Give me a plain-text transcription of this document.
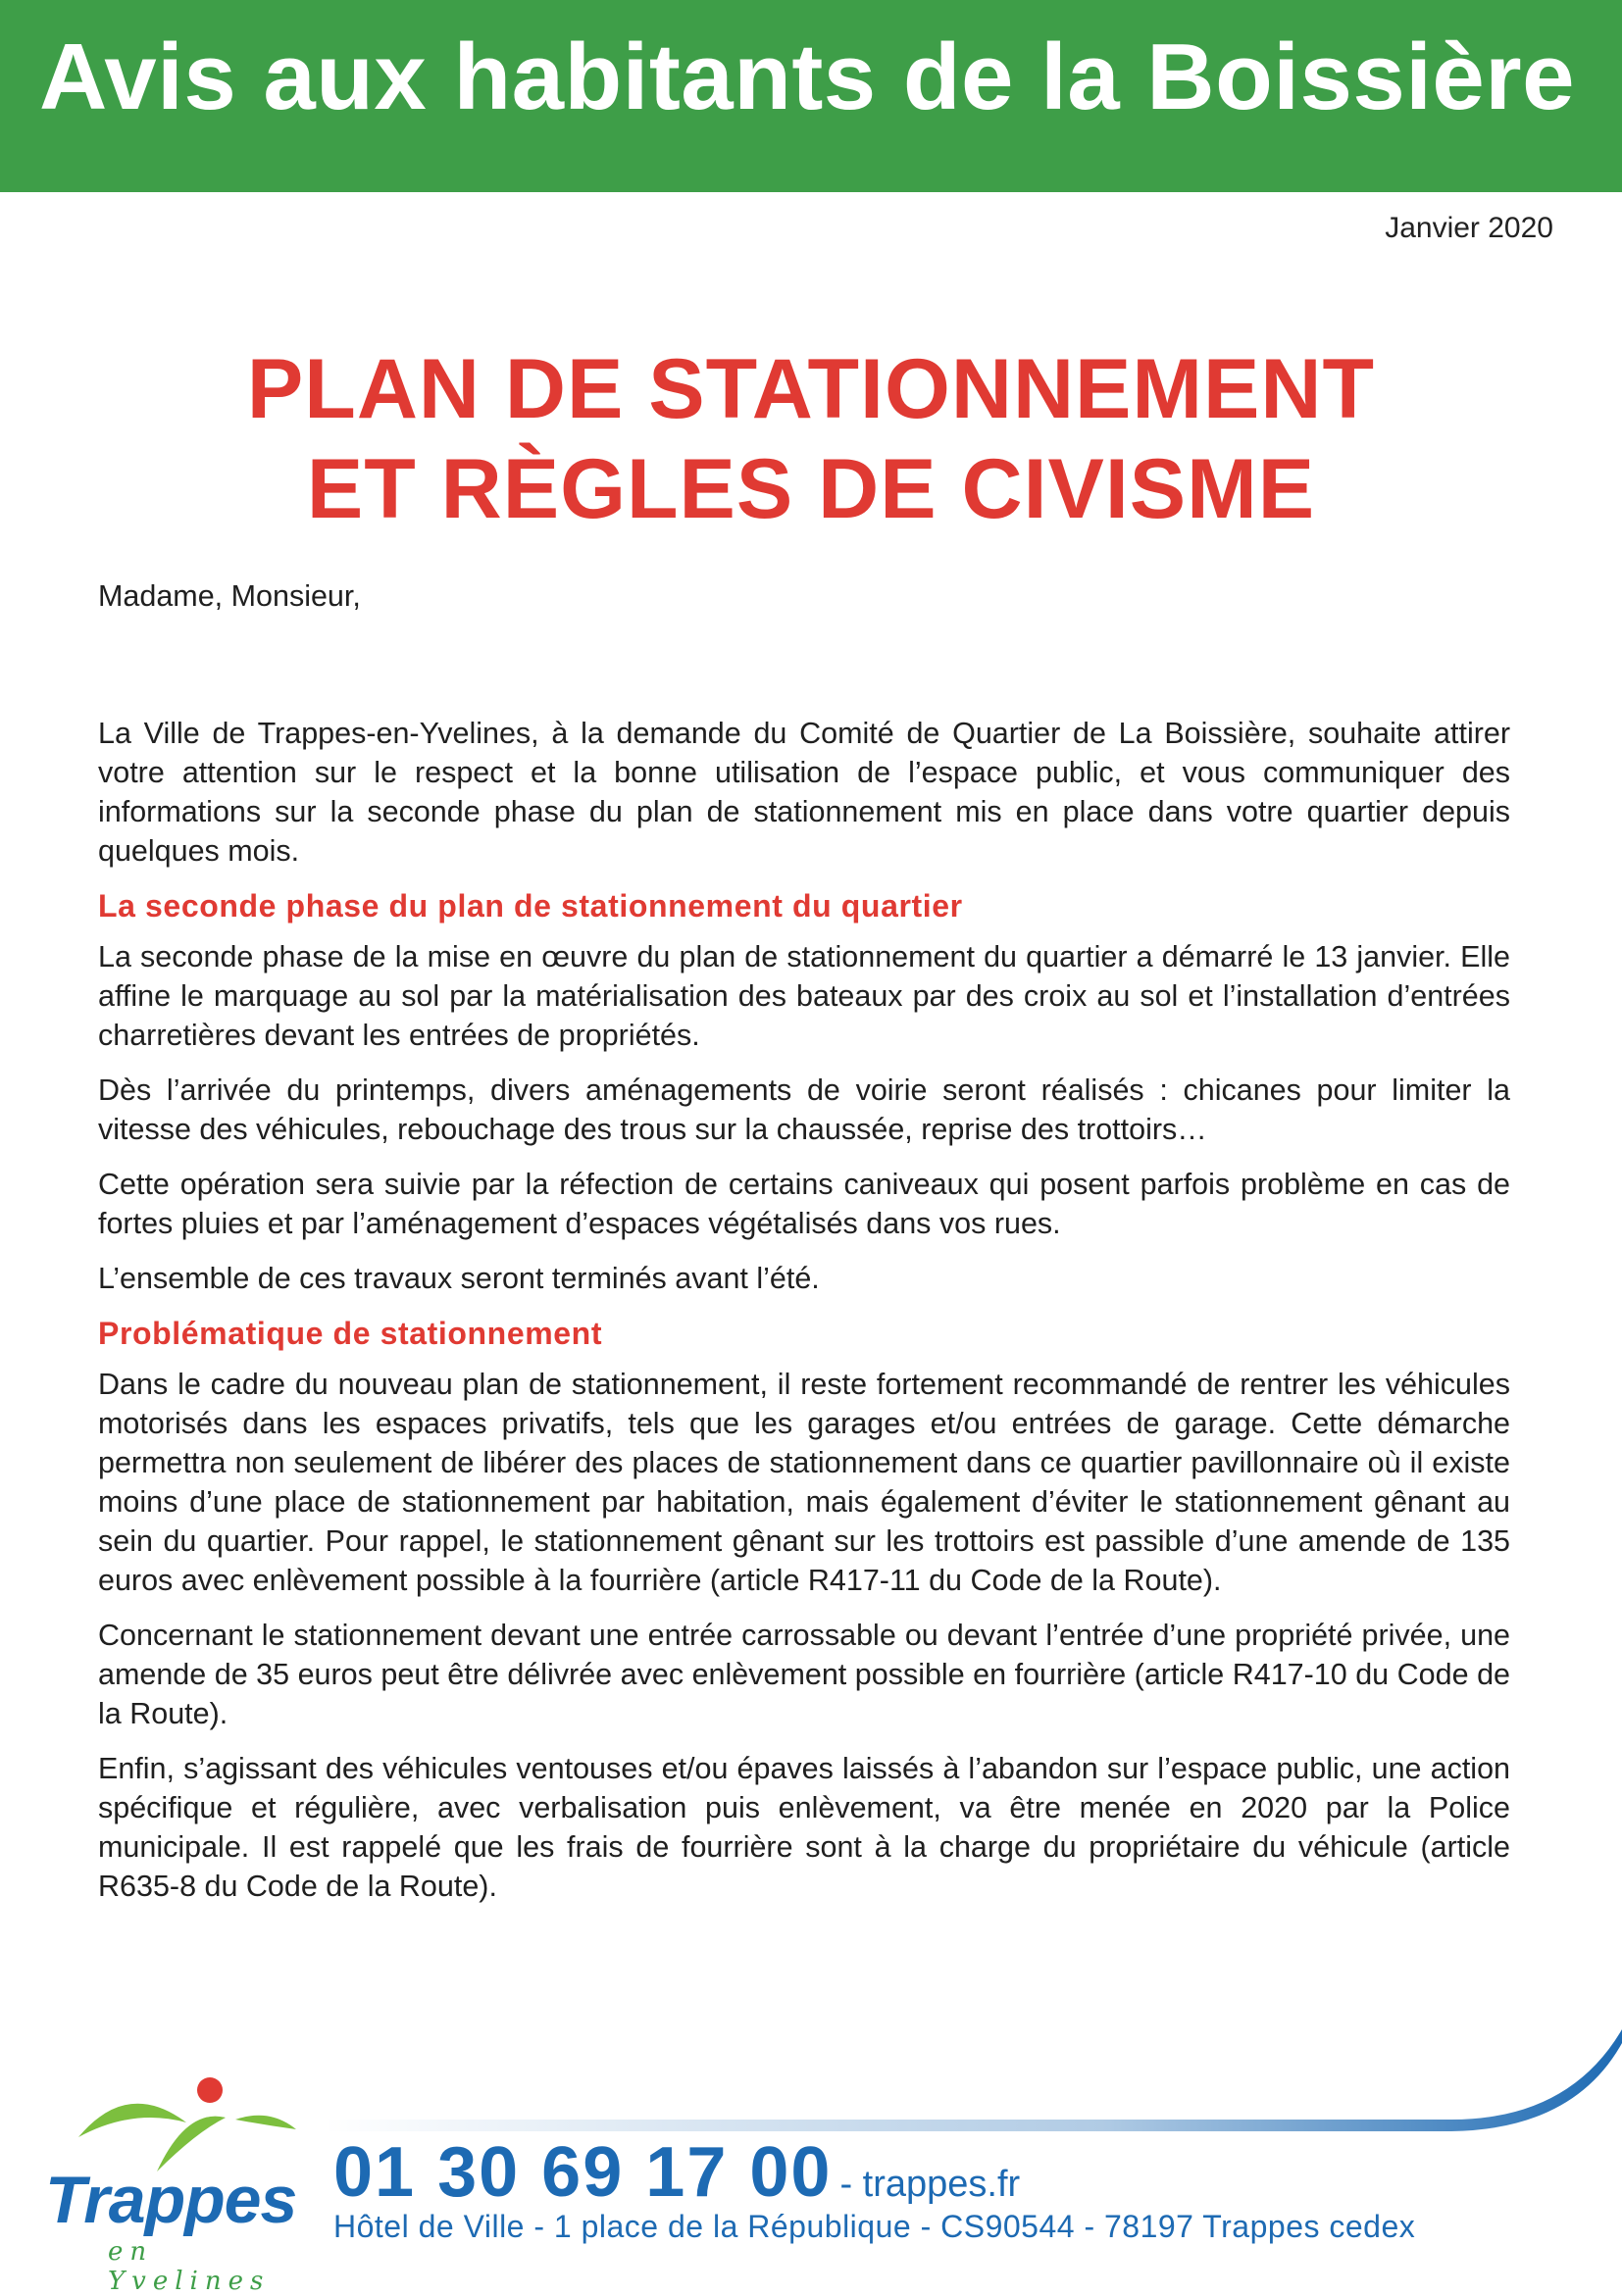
Avis aux habitants de la Boissière
Janvier 2020
PLAN DE STATIONNEMENT
ET RÈGLES DE CIVISME

Madame, Monsieur,

La Ville de Trappes-en-Yvelines, à la demande du Comité de Quartier de La Boissière, souhaite attirer votre attention sur le respect et la bonne utilisation de l’espace public, et vous communiquer des informations sur la seconde phase du plan de stationnement mis en place dans votre quartier depuis quelques mois.

La seconde phase du plan de stationnement du quartier

La seconde phase de la mise en œuvre du plan de stationnement du quartier a démarré le 13 janvier. Elle affine le marquage au sol par la matérialisation des bateaux par des croix au sol et l’installation d’entrées charretières devant les entrées de propriétés.

Dès l’arrivée du printemps, divers aménagements de voirie seront réalisés : chicanes pour limiter la vitesse des véhicules, rebouchage des trous sur la chaussée, reprise des trottoirs…

Cette opération sera suivie par la réfection de certains caniveaux qui posent parfois problème en cas de fortes pluies et par l’aménagement d’espaces végétalisés dans vos rues.

L’ensemble de ces travaux seront terminés avant l’été.

Problématique de stationnement

Dans le cadre du nouveau plan de stationnement, il reste fortement recommandé de rentrer les véhicules motorisés dans les espaces privatifs, tels que les garages et/ou entrées de garage. Cette démarche permettra non seulement de libérer des places de stationnement dans ce quartier pavillonnaire où il existe moins d’une place de stationnement par habitation, mais également d’éviter le stationnement gênant au sein du quartier. Pour rappel, le stationnement gênant sur les trottoirs est passible d’une amende de 135 euros avec enlèvement possible à la fourrière (article R417-11 du Code de la Route).

Concernant le stationnement devant une entrée carrossable ou devant l’entrée d’une propriété privée, une amende de 35 euros peut être délivrée avec enlèvement possible en fourrière (article R417-10 du Code de la Route).

Enfin, s’agissant des véhicules ventouses et/ou épaves laissés à l’abandon sur l’espace public, une action spécifique et régulière, avec verbalisation puis enlèvement, va être menée en 2020 par la Police municipale. Il est rappelé que les frais de fourrière sont à la charge du propriétaire du véhicule (article R635-8 du Code de la Route).

Trappes

en Yvelines
01 30 69 17 00 - trappes.fr
Hôtel de Ville - 1 place de la République - CS90544 - 78197 Trappes cedex
